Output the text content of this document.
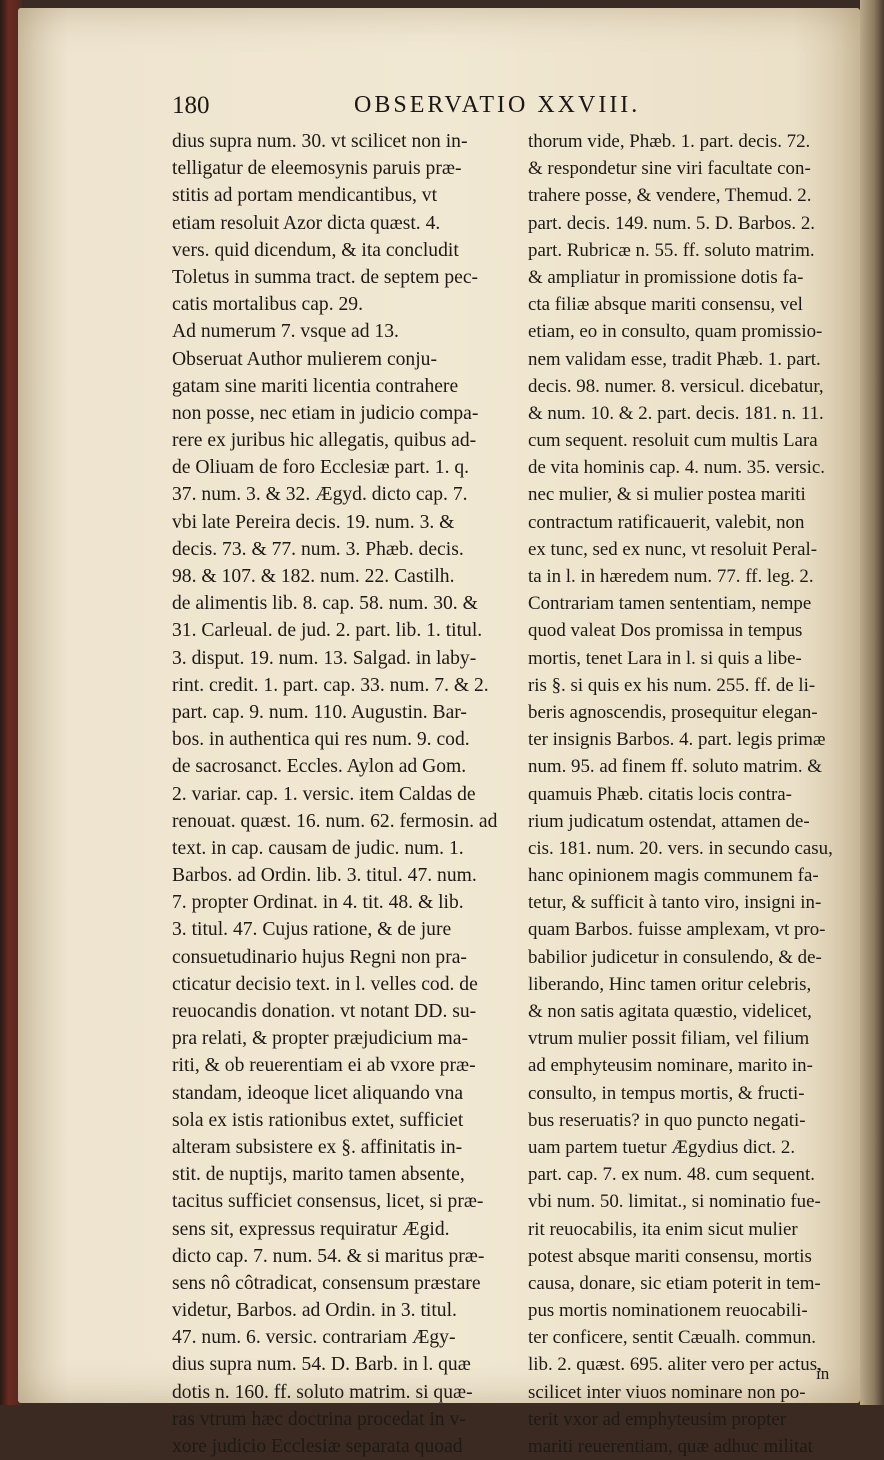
180	OBSERVATIO XXVIII.
dius supra num. 30. vt scilicet non in-
telligatur de eleemosynis paruis præ-
stitis ad portam mendicantibus, vt
etiam resoluit Azor dicta quæst. 4.
vers. quid dicendum, & ita concludit
Toletus in summa tract. de septem pec-
catis mortalibus cap. 29.
Ad numerum 7. vsque ad 13.
Obseruat Author mulierem conju-
gatam sine mariti licentia contrahere
non posse, nec etiam in judicio compa-
rere ex juribus hic allegatis, quibus ad-
de Oliuam de foro Ecclesiæ part. 1. q.
37. num. 3. & 32. Ægyd. dicto cap. 7.
vbi late Pereira decis. 19. num. 3. &
decis. 73. & 77. num. 3. Phæb. decis.
98. & 107. & 182. num. 22. Castilh.
de alimentis lib. 8. cap. 58. num. 30. &
31. Carleual. de jud. 2. part. lib. 1. titul.
3. disput. 19. num. 13. Salgad. in laby-
rint. credit. 1. part. cap. 33. num. 7. & 2.
part. cap. 9. num. 110. Augustin. Bar-
bos. in authentica qui res num. 9. cod.
de sacrosanct. Eccles. Aylon ad Gom.
2. variar. cap. 1. versic. item Caldas de
renouat. quæst. 16. num. 62. fermosin. ad
text. in cap. causam de judic. num. 1.
Barbos. ad Ordin. lib. 3. titul. 47. num.
7. propter Ordinat. in 4. tit. 48. & lib.
3. titul. 47. Cujus ratione, & de jure
consuetudinario hujus Regni non pra-
cticatur decisio text. in l. velles cod. de
reuocandis donation. vt notant DD. su-
pra relati, & propter præjudicium ma-
riti, & ob reuerentiam ei ab vxore præ-
standam, ideoque licet aliquando vna
sola ex istis rationibus extet, sufficiet
alteram subsistere ex §. affinitatis in-
stit. de nuptijs, marito tamen absente,
tacitus sufficiet consensus, licet, si præ-
sens sit, expressus requiratur Ægid.
dicto cap. 7. num. 54. & si maritus præ-
sens nô côtradicat, consensum præstare
videtur, Barbos. ad Ordin. in 3. titul.
47. num. 6. versic. contrariam Ægy-
dius supra num. 54. D. Barb. in l. quæ
dotis n. 160. ff. soluto matrim. si quæ-
ras vtrum hæc doctrina procedat in v-
xore judicio Ecclesiæ separata quoad
thorum vide, Phæb. 1. part. decis. 72.
& respondetur sine viri facultate con-
trahere posse, & vendere, Themud. 2.
part. decis. 149. num. 5. D. Barbos. 2.
part. Rubricæ n. 55. ff. soluto matrim.
& ampliatur in promissione dotis fa-
cta filiæ absque mariti consensu, vel
etiam, eo in consulto, quam promissio-
nem validam esse, tradit Phæb. 1. part.
decis. 98. numer. 8. versicul. dicebatur,
& num. 10. & 2. part. decis. 181. n. 11.
cum sequent. resoluit cum multis Lara
de vita hominis cap. 4. num. 35. versic.
nec mulier, & si mulier postea mariti
contractum ratificauerit, valebit, non
ex tunc, sed ex nunc, vt resoluit Peral-
ta in l. in hæredem num. 77. ff. leg. 2.
Contrariam tamen sententiam, nempe
quod valeat Dos promissa in tempus
mortis, tenet Lara in l. si quis a libe-
ris §. si quis ex his num. 255. ff. de li-
beris agnoscendis, prosequitur elegan-
ter insignis Barbos. 4. part. legis primæ
num. 95. ad finem ff. soluto matrim. &
quamuis Phæb. citatis locis contra-
rium judicatum ostendat, attamen de-
cis. 181. num. 20. vers. in secundo casu,
hanc opinionem magis communem fa-
tetur, & sufficit à tanto viro, insigni in-
quam Barbos. fuisse amplexam, vt pro-
babilior judicetur in consulendo, & de-
liberando, Hinc tamen oritur celebris,
& non satis agitata quæstio, videlicet,
vtrum mulier possit filiam, vel filium
ad emphyteusim nominare, marito in-
consulto, in tempus mortis, & fructi-
bus reseruatis? in quo puncto negati-
uam partem tuetur Ægydius dict. 2.
part. cap. 7. ex num. 48. cum sequent.
vbi num. 50. limitat., si nominatio fue-
rit reuocabilis, ita enim sicut mulier
potest absque mariti consensu, mortis
causa, donare, sic etiam poterit in tem-
pus mortis nominationem reuocabili-
ter conficere, sentit Cæualh. commun.
lib. 2. quæst. 695. aliter vero per actus,
scilicet inter viuos nominare non po-
terit vxor ad emphyteusim propter
mariti reuerentiam, quæ adhuc militat
in
